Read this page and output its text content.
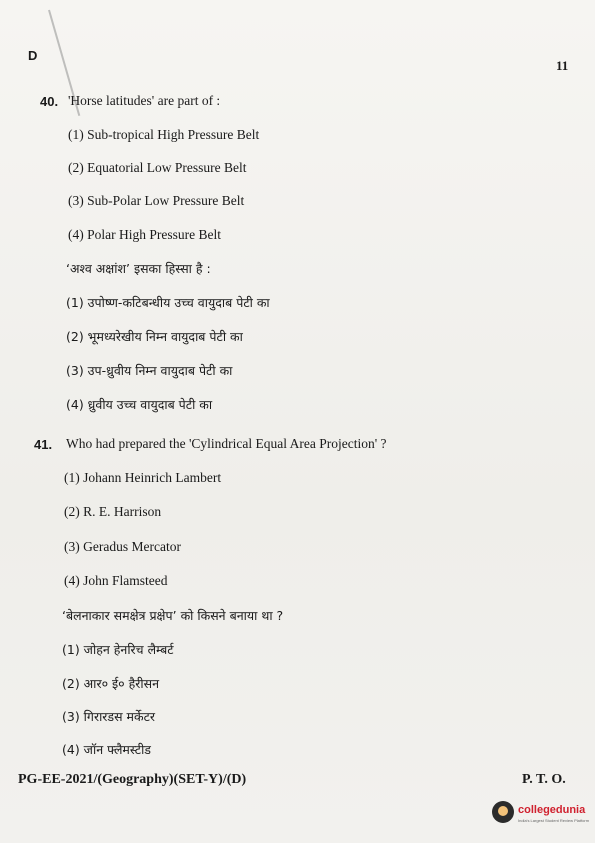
D
11
40. 'Horse latitudes' are part of :
(1) Sub-tropical High Pressure Belt
(2) Equatorial Low Pressure Belt
(3) Sub-Polar Low Pressure Belt
(4) Polar High Pressure Belt
‘अश्व अक्षांश’ इसका हिस्सा है :
(1) उपोष्ण-कटिबन्धीय उच्च वायुदाब पेटी का
(2) भूमध्यरेखीय निम्न वायुदाब पेटी का
(3) उप-ध्रुवीय निम्न वायुदाब पेटी का
(4) ध्रुवीय उच्च वायुदाब पेटी का
41. Who had prepared the 'Cylindrical Equal Area Projection' ?
(1) Johann Heinrich Lambert
(2) R. E. Harrison
(3) Geradus Mercator
(4) John Flamsteed
‘बेलनाकार समक्षेत्र प्रक्षेप’ को किसने बनाया था ?
(1) जोहन हेनरिच लैम्बर्ट
(2) आर० ई० हैरीसन
(3) गिरारडस मर्केटर
(4) जॉन फ्लैमस्टीड
PG-EE-2021/(Geography)(SET-Y)/(D)	P. T. O.
collegedunia
India's Largest Student Review Platform
